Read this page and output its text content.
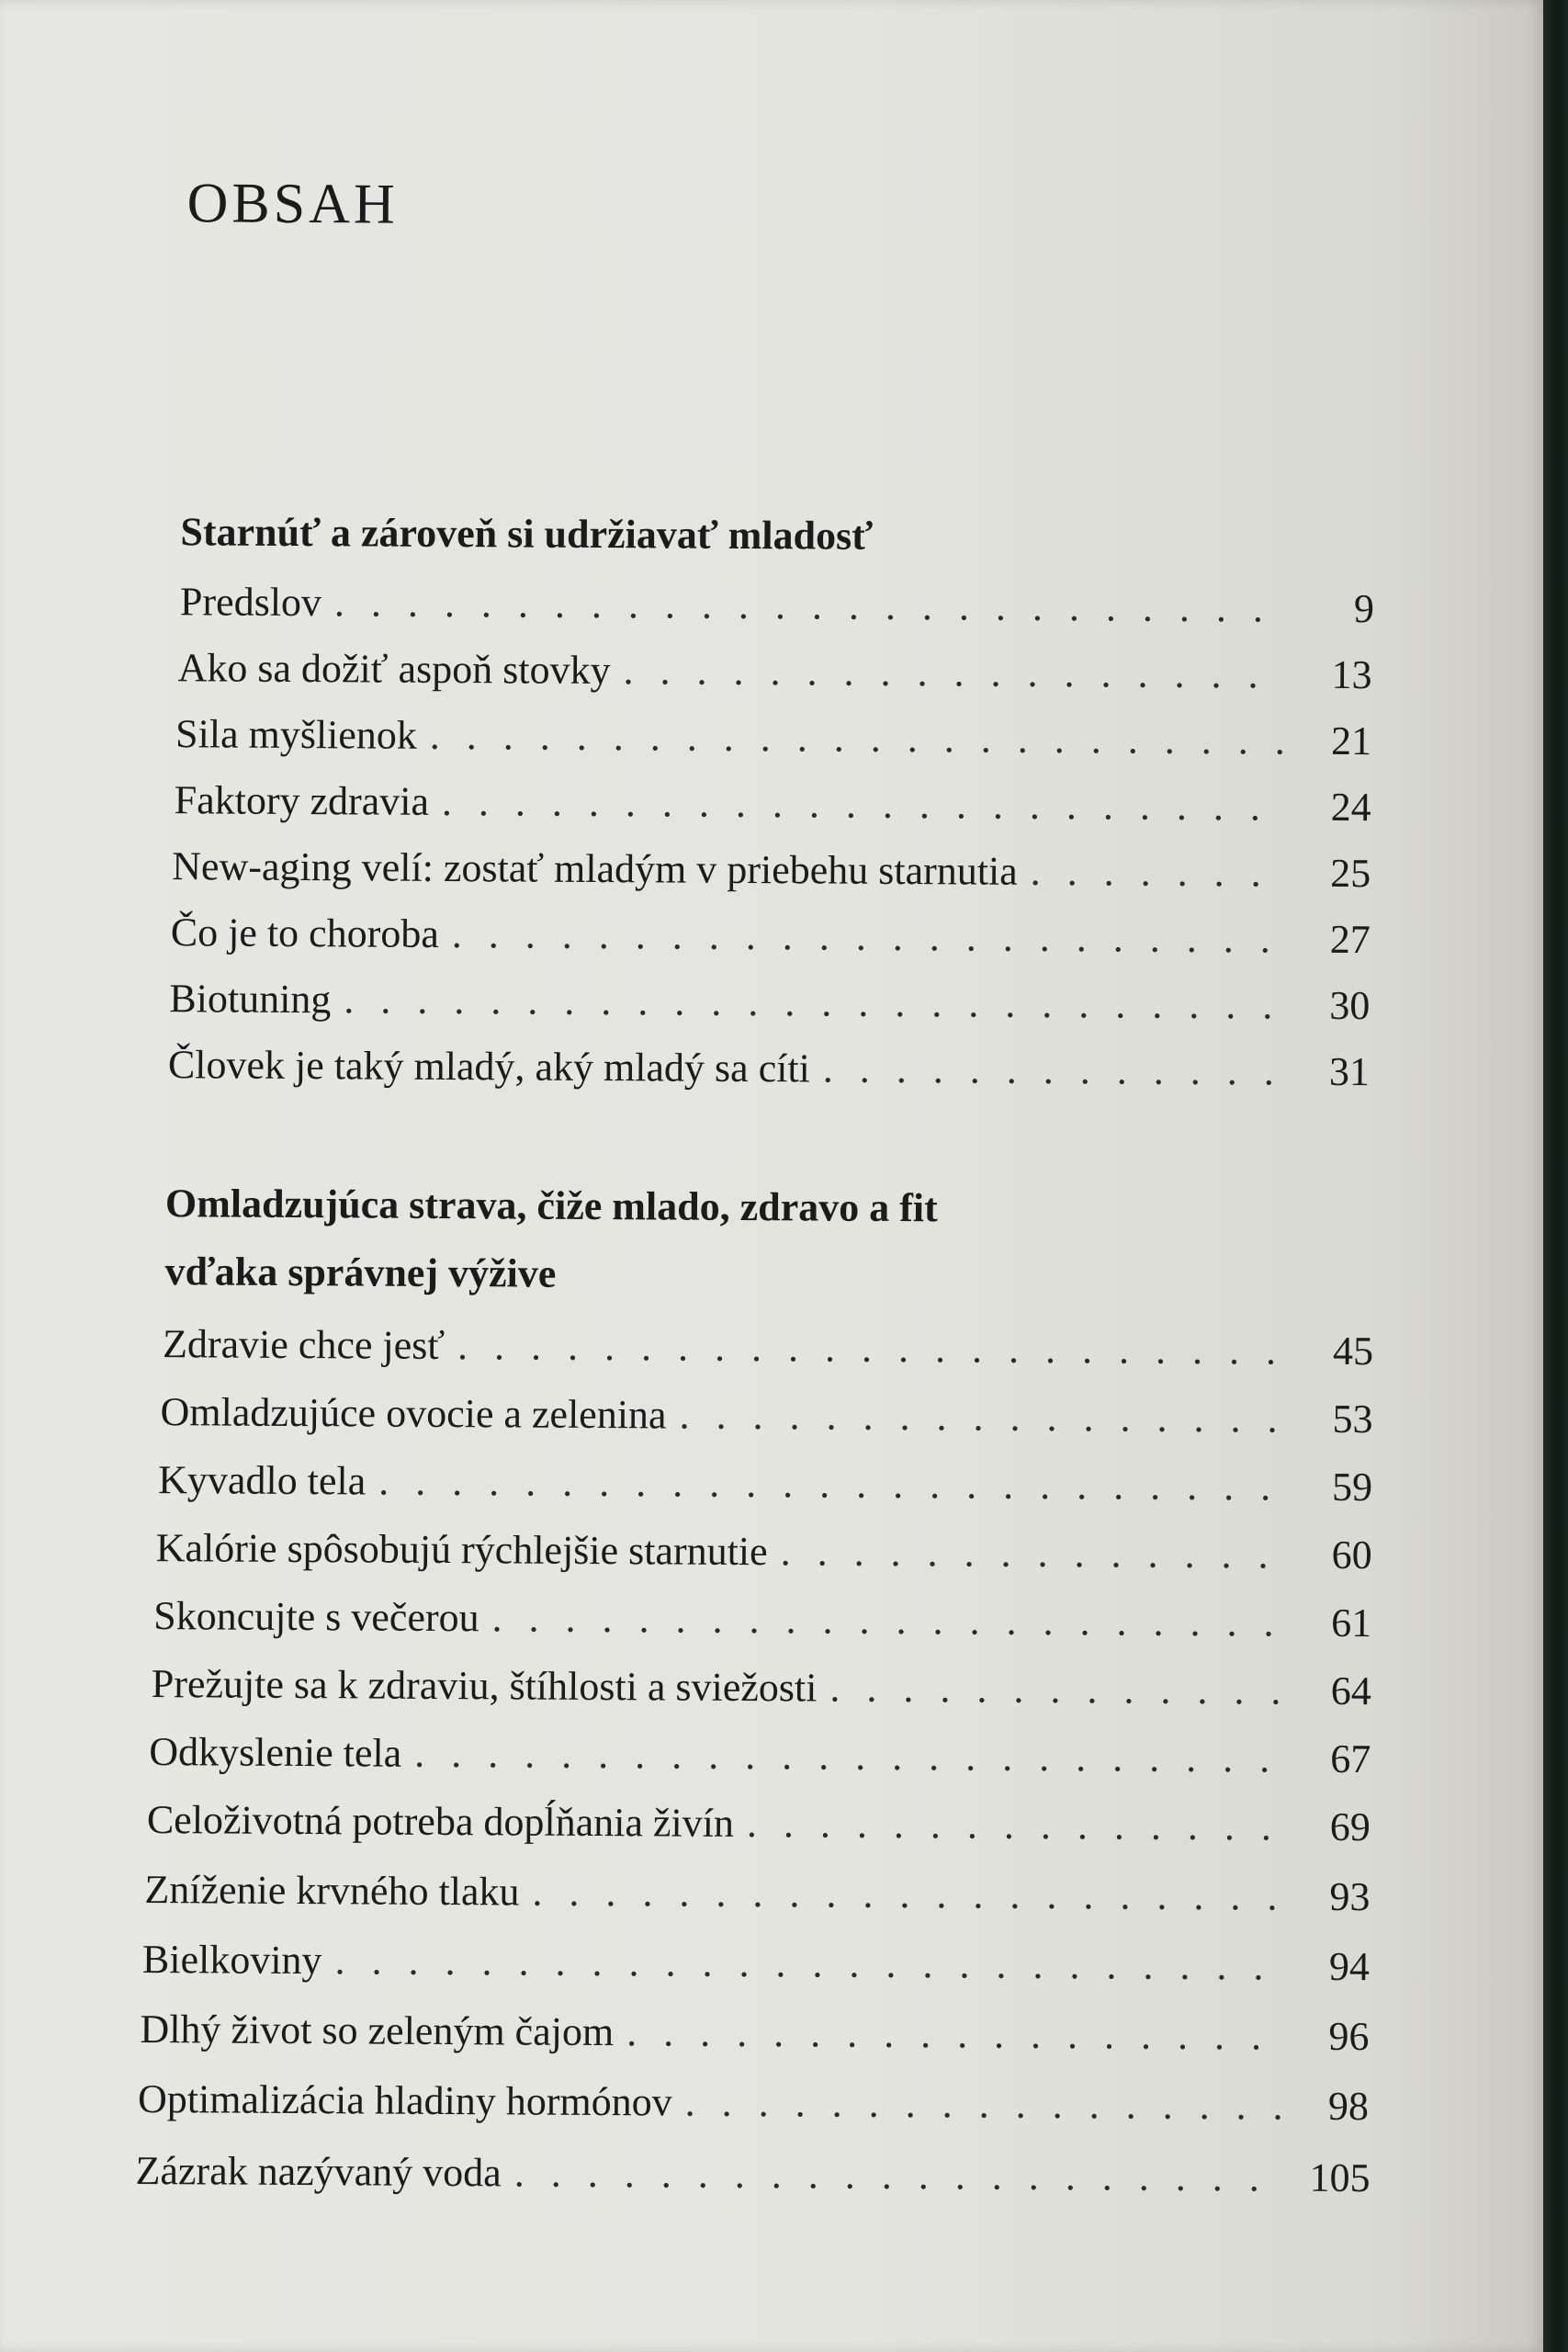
OBSAH
Starnúť a zároveň si udržiavať mladosť
Predslov . . .	9
Ako sa dožiť aspoň stovky . . .	13
Sila myšlienok . . .	21
Faktory zdravia . . .	24
New-aging velí: zostať mladým v priebehu starnutia . . .	25
Čo je to choroba . . .	27
Biotuning . . .	30
Človek je taký mladý, aký mladý sa cíti . . .	31
Omladzujúca strava, čiže mlado, zdravo a fit
vďaka správnej výžive
Zdravie chce jesť . . .	45
Omladzujúce ovocie a zelenina . . .	53
Kyvadlo tela . . .	59
Kalórie spôsobujú rýchlejšie starnutie . . .	60
Skoncujte s večerou . . .	61
Prežujte sa k zdraviu, štíhlosti a sviežosti . . .	64
Odkyslenie tela . . .	67
Celoživotná potreba dopĺňania živín . . .	69
Zníženie krvného tlaku . . .	93
Bielkoviny . . .	94
Dlhý život so zeleným čajom . . .	96
Optimalizácia hladiny hormónov . . .	98
Zázrak nazývaný voda . . .	105
